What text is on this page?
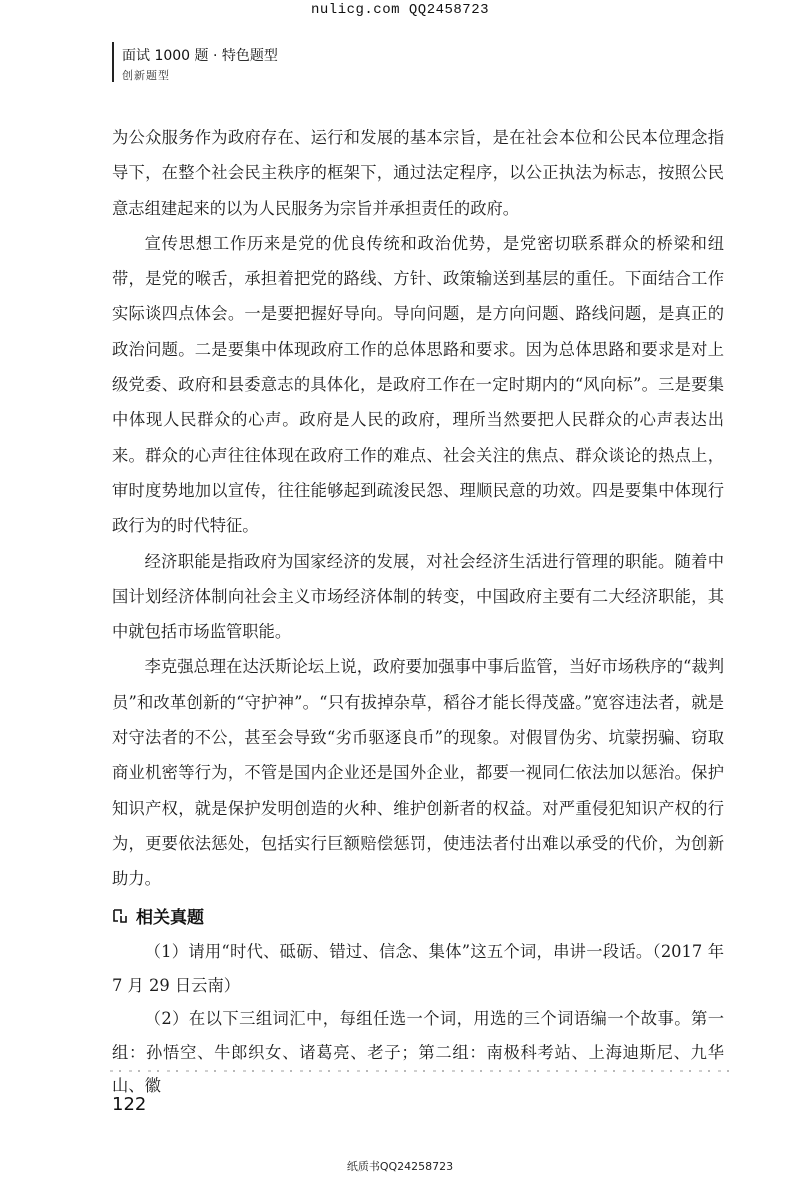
nulicg.com QQ2458723
面试 1000 题 · 特色题型
创新题型

为公众服务作为政府存在、运行和发展的基本宗旨，是在社会本位和公民本位理念指导下，在整个社会民主秩序的框架下，通过法定程序，以公正执法为标志，按照公民意志组建起来的以为人民服务为宗旨并承担责任的政府。

宣传思想工作历来是党的优良传统和政治优势，是党密切联系群众的桥梁和纽带，是党的喉舌，承担着把党的路线、方针、政策输送到基层的重任。下面结合工作实际谈四点体会。一是要把握好导向。导向问题，是方向问题、路线问题，是真正的政治问题。二是要集中体现政府工作的总体思路和要求。因为总体思路和要求是对上级党委、政府和县委意志的具体化，是政府工作在一定时期内的“风向标”。三是要集中体现人民群众的心声。政府是人民的政府，理所当然要把人民群众的心声表达出来。群众的心声往往体现在政府工作的难点、社会关注的焦点、群众谈论的热点上，审时度势地加以宣传，往往能够起到疏浚民怨、理顺民意的功效。四是要集中体现行政行为的时代特征。

经济职能是指政府为国家经济的发展，对社会经济生活进行管理的职能。随着中国计划经济体制向社会主义市场经济体制的转变，中国政府主要有二大经济职能，其中就包括市场监管职能。

李克强总理在达沃斯论坛上说，政府要加强事中事后监管，当好市场秩序的“裁判员”和改革创新的“守护神”。“只有拔掉杂草，稻谷才能长得茂盛。”宽容违法者，就是对守法者的不公，甚至会导致“劣币驱逐良币”的现象。对假冒伪劣、坑蒙拐骗、窃取商业机密等行为，不管是国内企业还是国外企业，都要一视同仁依法加以惩治。保护知识产权，就是保护发明创造的火种、维护创新者的权益。对严重侵犯知识产权的行为，更要依法惩处，包括实行巨额赔偿惩罚，使违法者付出难以承受的代价，为创新助力。

相关真题

（1）请用“时代、砥砺、错过、信念、集体”这五个词，串讲一段话。（2017 年 7 月 29 日云南）

（2）在以下三组词汇中，每组任选一个词，用选的三个词语编一个故事。第一组：孙悟空、牛郎织女、诸葛亮、老子；第二组：南极科考站、上海迪斯尼、九华山、徽

122
纸质书QQ24258723
